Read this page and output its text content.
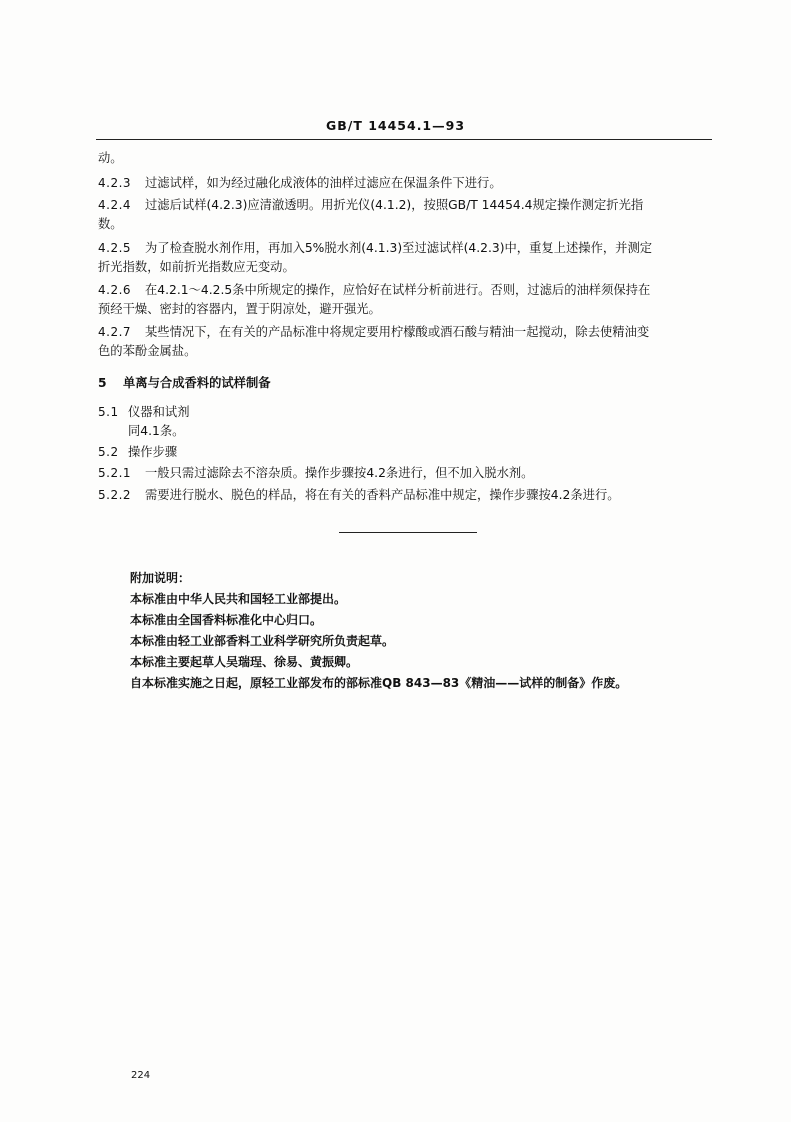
GB/T 14454.1—93
动。
4.2.3 过滤试样，如为经过融化成液体的油样过滤应在保温条件下进行。
4.2.4 过滤后试样(4.2.3)应清澈透明。用折光仪(4.1.2)，按照GB/T 14454.4规定操作测定折光指
数。
4.2.5 为了检查脱水剂作用，再加入5%脱水剂(4.1.3)至过滤试样(4.2.3)中，重复上述操作，并测定
折光指数，如前折光指数应无变动。
4.2.6 在4.2.1～4.2.5条中所规定的操作，应恰好在试样分析前进行。否则，过滤后的油样须保持在
预经干燥、密封的容器内，置于阴凉处，避开强光。
4.2.7 某些情况下，在有关的产品标准中将规定要用柠檬酸或酒石酸与精油一起搅动，除去使精油变
色的苯酚金属盐。
5 单离与合成香料的试样制备
5.1 仪器和试剂
同4.1条。
5.2 操作步骤
5.2.1 一般只需过滤除去不溶杂质。操作步骤按4.2条进行，但不加入脱水剂。
5.2.2 需要进行脱水、脱色的样品，将在有关的香料产品标准中规定，操作步骤按4.2条进行。
附加说明：
本标准由中华人民共和国轻工业部提出。
本标准由全国香料标准化中心归口。
本标准由轻工业部香料工业科学研究所负责起草。
本标准主要起草人吴瑞珵、徐易、黄振卿。
自本标准实施之日起，原轻工业部发布的部标准QB 843—83《精油——试样的制备》作废。
224
